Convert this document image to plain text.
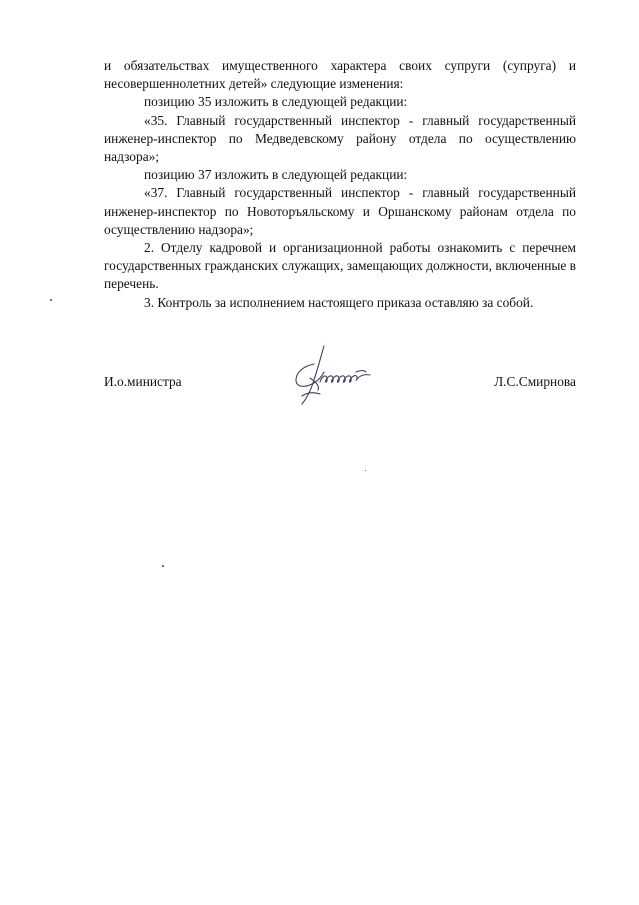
и обязательствах имущественного характера своих супруги (супруга) и несовершеннолетних детей» следующие изменения:

позицию 35 изложить в следующей редакции:

«35. Главный государственный инспектор - главный государственный инженер-инспектор по Медведевскому району отдела по осуществлению надзора»;

позицию 37 изложить в следующей редакции:

«37. Главный государственный инспектор - главный государственный инженер-инспектор по Новоторъяльскому и Оршанскому районам отдела по осуществлению надзора»;

2. Отделу кадровой и организационной работы ознакомить с перечнем государственных гражданских служащих, замещающих должности, включенные в перечень.

3. Контроль за исполнением настоящего приказа оставляю за собой.

И.о.министра	Л.С.Смирнова
